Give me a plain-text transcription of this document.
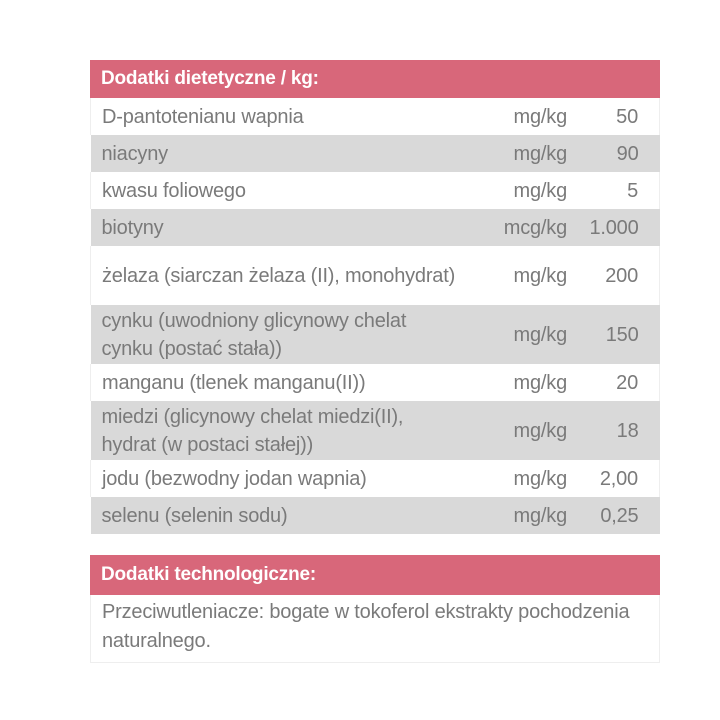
Dodatki dietetyczne / kg:
D-pantotenianu wapnia	mg/kg	50
niacyny	mg/kg	90
kwasu foliowego	mg/kg	5
biotyny	mcg/kg	1.000
żelaza (siarczan żelaza (II), monohydrat)	mg/kg	200
cynku (uwodniony glicynowy chelat cynku (postać stała))	mg/kg	150
manganu (tlenek manganu(II))	mg/kg	20
miedzi (glicynowy chelat miedzi(II), hydrat (w postaci stałej))	mg/kg	18
jodu (bezwodny jodan wapnia)	mg/kg	2,00
selenu (selenin sodu)	mg/kg	0,25
Dodatki technologiczne:
Przeciwutleniacze: bogate w tokoferol ekstrakty pochodzenia naturalnego.
